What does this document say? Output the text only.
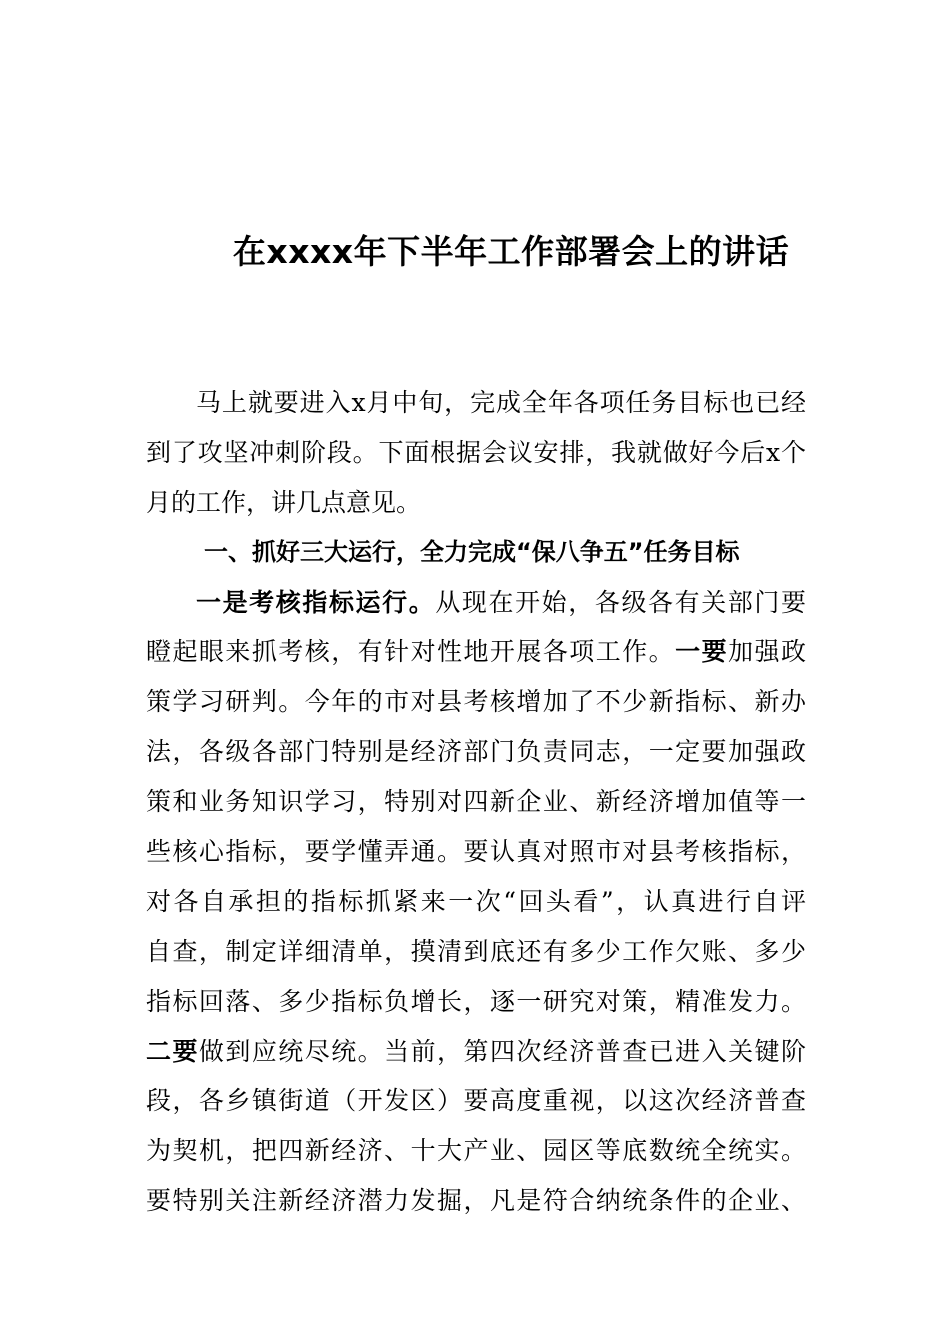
在xxxx年下半年工作部署会上的讲话
马上就要进入x月中旬，完成全年各项任务目标也已经
到了攻坚冲刺阶段。下面根据会议安排，我就做好今后x个
月的工作，讲几点意见。
一、抓好三大运行，全力完成“保八争五”任务目标
一是考核指标运行。从现在开始，各级各有关部门要
瞪起眼来抓考核，有针对性地开展各项工作。一要加强政
策学习研判。今年的市对县考核增加了不少新指标、新办
法，各级各部门特别是经济部门负责同志，一定要加强政
策和业务知识学习，特别对四新企业、新经济增加值等一
些核心指标，要学懂弄通。要认真对照市对县考核指标，
对各自承担的指标抓紧来一次“回头看”，认真进行自评
自查，制定详细清单，摸清到底还有多少工作欠账、多少
指标回落、多少指标负增长，逐一研究对策，精准发力。
二要做到应统尽统。当前，第四次经济普查已进入关键阶
段，各乡镇街道（开发区）要高度重视，以这次经济普查
为契机，把四新经济、十大产业、园区等底数统全统实。
要特别关注新经济潜力发掘，凡是符合纳统条件的企业、
